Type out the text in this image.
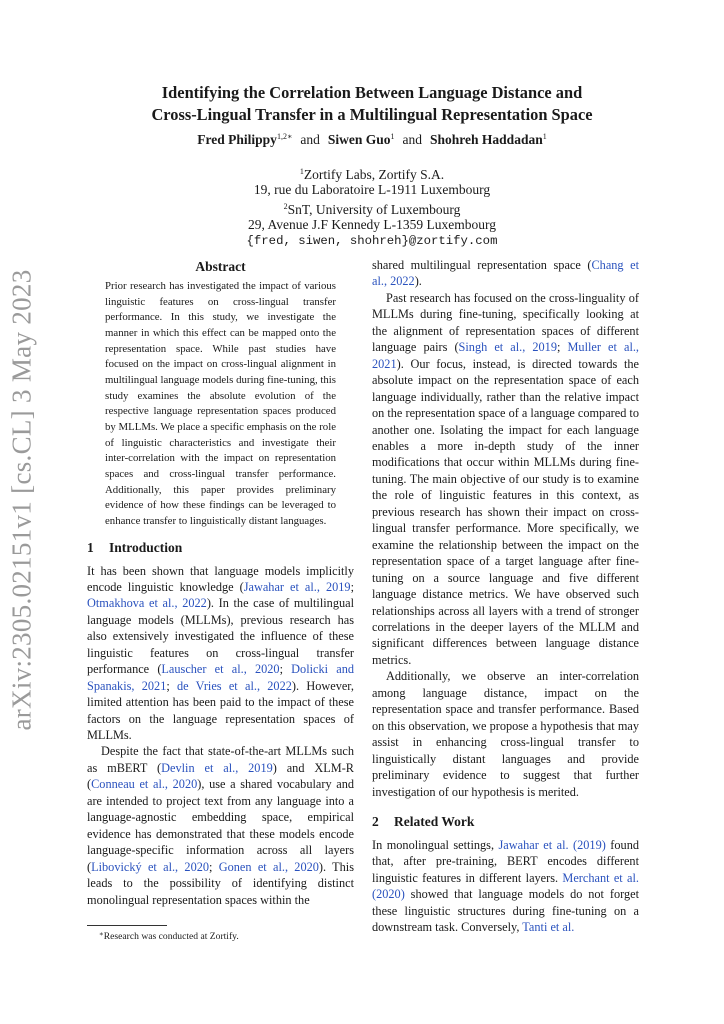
arXiv:2305.02151v1 [cs.CL] 3 May 2023
Identifying the Correlation Between Language Distance and
Cross-Lingual Transfer in a Multilingual Representation Space
Fred Philippy$^{1,2∗}$ and Siwen Guo$^1$ and Shohreh Haddadan$^1$
$^1$Zortify Labs, Zortify S.A.
19, rue du Laboratoire L-1911 Luxembourg
$^2$SnT, University of Luxembourg
29, Avenue J.F Kennedy L-1359 Luxembourg
{fred, siwen, shohreh}@zortify.com
Abstract
Prior research has investigated the impact of various linguistic features on cross-lingual transfer performance. In this study, we investigate the manner in which this effect can be mapped onto the representation space. While past studies have focused on the impact on cross-lingual alignment in multilingual language models during fine-tuning, this study examines the absolute evolution of the respective language representation spaces produced by MLLMs. We place a specific emphasis on the role of linguistic characteristics and investigate their inter-correlation with the impact on representation spaces and cross-lingual transfer performance. Additionally, this paper provides preliminary evidence of how these findings can be leveraged to enhance transfer to linguistically distant languages.
1 Introduction
It has been shown that language models implicitly encode linguistic knowledge (Jawahar et al., 2019; Otmakhova et al., 2022). In the case of multilingual language models (MLLMs), previous research has also extensively investigated the influence of these linguistic features on cross-lingual transfer performance (Lauscher et al., 2020; Dolicki and Spanakis, 2021; de Vries et al., 2022). However, limited attention has been paid to the impact of these factors on the language representation spaces of MLLMs.
Despite the fact that state-of-the-art MLLMs such as mBERT (Devlin et al., 2019) and XLM-R (Conneau et al., 2020), use a shared vocabulary and are intended to project text from any language into a language-agnostic embedding space, empirical evidence has demonstrated that these models encode language-specific information across all layers (Libovický et al., 2020; Gonen et al., 2020). This leads to the possibility of identifying distinct monolingual representation spaces within the
∗Research was conducted at Zortify.
shared multilingual representation space (Chang et al., 2022).
Past research has focused on the cross-linguality of MLLMs during fine-tuning, specifically looking at the alignment of representation spaces of different language pairs (Singh et al., 2019; Muller et al., 2021). Our focus, instead, is directed towards the absolute impact on the representation space of each language individually, rather than the relative impact on the representation space of a language compared to another one. Isolating the impact for each language enables a more in-depth study of the inner modifications that occur within MLLMs during fine-tuning. The main objective of our study is to examine the role of linguistic features in this context, as previous research has shown their impact on cross-lingual transfer performance. More specifically, we examine the relationship between the impact on the representation space of a target language after fine-tuning on a source language and five different language distance metrics. We have observed such relationships across all layers with a trend of stronger correlations in the deeper layers of the MLLM and significant differences between language distance metrics.
Additionally, we observe an inter-correlation among language distance, impact on the representation space and transfer performance. Based on this observation, we propose a hypothesis that may assist in enhancing cross-lingual transfer to linguistically distant languages and provide preliminary evidence to suggest that further investigation of our hypothesis is merited.
2 Related Work
In monolingual settings, Jawahar et al. (2019) found that, after pre-training, BERT encodes different linguistic features in different layers. Merchant et al. (2020) showed that language models do not forget these linguistic structures during fine-tuning on a downstream task. Conversely, Tanti et al.
